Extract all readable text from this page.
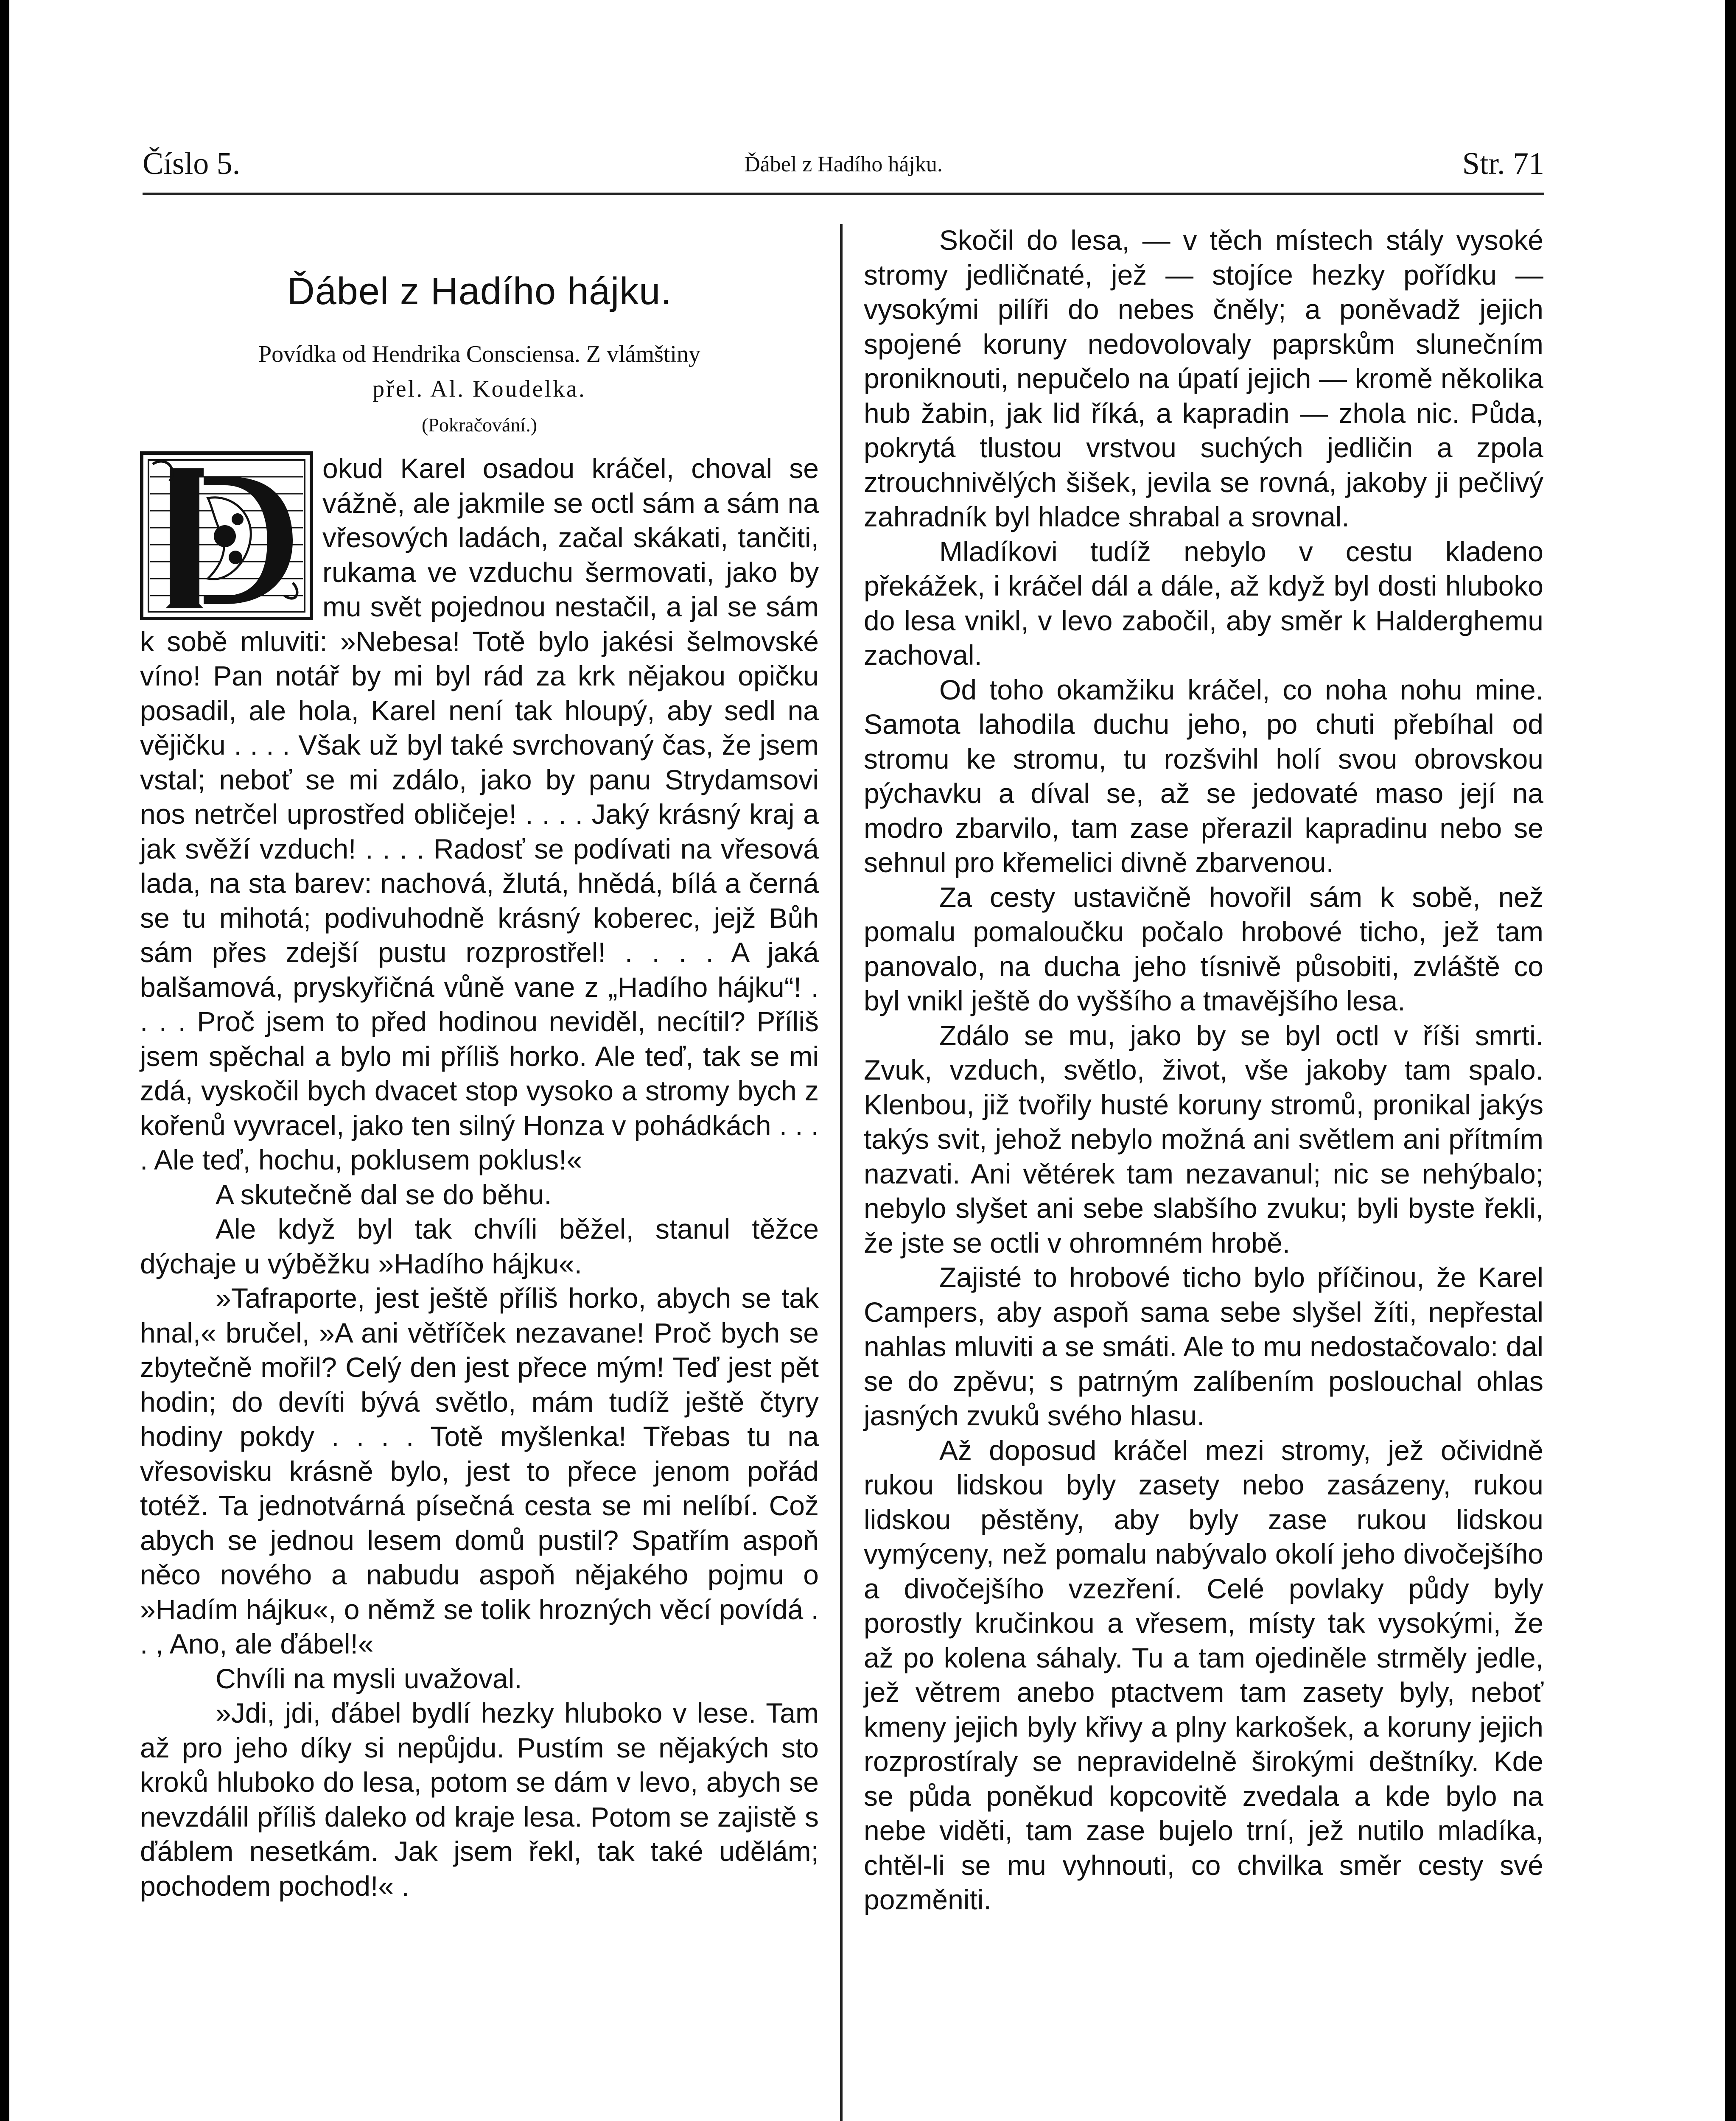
Číslo 5.	Ďábel z Hadího hájku.	Str. 71
Ďábel z Hadího hájku.
Povídka od Hendrika Consciensa. Z vlámštiny
přel. Al. Koudelka.
(Pokračování.)

okud Karel osadou kráčel, choval se vážně, ale jakmile se octl sám a sám na vřesových ladách, začal skákati, tančiti, rukama ve vzduchu šermovati, jako by mu svět pojednou nestačil, a jal se sám k sobě mluviti: »Nebesa! Totě bylo jakési šelmovské víno! Pan notář by mi byl rád za krk nějakou opičku posadil, ale hola, Karel není tak hloupý, aby sedl na vějičku . . . . Však už byl také svrchovaný čas, že jsem vstal; neboť se mi zdálo, jako by panu Strydamsovi nos netrčel uprostřed obličeje! . . . . Jaký krásný kraj a jak svěží vzduch! . . . . Radosť se podívati na vřesová lada, na sta barev: nachová, žlutá, hnědá, bílá a černá se tu mihotá; podivuhodně krásný koberec, jejž Bůh sám přes zdejší pustu rozprostřel! . . . . A jaká balšamová, pryskyřičná vůně vane z „Hadího hájku“! . . . . Proč jsem to před hodinou neviděl, necítil? Příliš jsem spěchal a bylo mi příliš horko. Ale teď, tak se mi zdá, vyskočil bych dvacet stop vysoko a stromy bych z kořenů vyvracel, jako ten silný Honza v pohádkách . . . . Ale teď, hochu, poklusem poklus!«

A skutečně dal se do běhu.

Ale když byl tak chvíli běžel, stanul těžce dýchaje u výběžku »Hadího hájku«.

»Tafraporte, jest ještě příliš horko, abych se tak hnal,« bručel, »A ani větříček nezavane! Proč bych se zbytečně mořil? Celý den jest přece mým! Teď jest pět hodin; do devíti bývá světlo, mám tudíž ještě čtyry hodiny pokdy . . . . Totě myšlenka! Třebas tu na vřesovisku krásně bylo, jest to přece jenom pořád totéž. Ta jednotvárná písečná cesta se mi nelíbí. Což abych se jednou lesem domů pustil? Spatřím aspoň něco nového a nabudu aspoň nějakého pojmu o »Hadím hájku«, o němž se tolik hrozných věcí povídá . . , Ano, ale ďábel!«

Chvíli na mysli uvažoval.

»Jdi, jdi, ďábel bydlí hezky hluboko v lese. Tam až pro jeho díky si nepůjdu. Pustím se nějakých sto kroků hluboko do lesa, potom se dám v levo, abych se nevzdálil příliš daleko od kraje lesa. Potom se zajistě s ďáblem nesetkám. Jak jsem řekl, tak také udělám; pochodem pochod!« .

Skočil do lesa, — v těch místech stály vysoké stromy jedličnaté, jež — stojíce hezky pořídku — vysokými pilíři do nebes čněly; a poněvadž jejich spojené koruny nedovolovaly paprskům slunečním proniknouti, nepučelo na úpatí jejich — kromě několika hub žabin, jak lid říká, a kapradin — zhola nic. Půda, pokrytá tlustou vrstvou suchých jedličin a zpola ztrouchnivělých šišek, jevila se rovná, jakoby ji pečlivý zahradník byl hladce shrabal a srovnal.

Mladíkovi tudíž nebylo v cestu kladeno překážek, i kráčel dál a dále, až když byl dosti hluboko do lesa vnikl, v levo zabočil, aby směr k Halderghemu zachoval.

Od toho okamžiku kráčel, co noha nohu mine. Samota lahodila duchu jeho, po chuti přebíhal od stromu ke stromu, tu rozšvihl holí svou obrovskou pýchavku a díval se, až se jedovaté maso její na modro zbarvilo, tam zase přerazil kapradinu nebo se sehnul pro křemelici divně zbarvenou.

Za cesty ustavičně hovořil sám k sobě, než pomalu pomaloučku počalo hrobové ticho, jež tam panovalo, na ducha jeho tísnivě působiti, zvláště co byl vnikl ještě do vyššího a tmavějšího lesa.

Zdálo se mu, jako by se byl octl v říši smrti. Zvuk, vzduch, světlo, život, vše jakoby tam spalo. Klenbou, již tvořily husté koruny stromů, pronikal jakýs takýs svit, jehož nebylo možná ani světlem ani přítmím nazvati. Ani větérek tam nezavanul; nic se nehýbalo; nebylo slyšet ani sebe slabšího zvuku; byli byste řekli, že jste se octli v ohromném hrobě.

Zajisté to hrobové ticho bylo příčinou, že Karel Campers, aby aspoň sama sebe slyšel žíti, nepřestal nahlas mluviti a se smáti. Ale to mu nedostačovalo: dal se do zpěvu; s patrným zalíbením poslouchal ohlas jasných zvuků svého hlasu.

Až doposud kráčel mezi stromy, jež očividně rukou lidskou byly zasety nebo zasázeny, rukou lidskou pěstěny, aby byly zase rukou lidskou vymýceny, než pomalu nabývalo okolí jeho divočejšího a divočejšího vzezření. Celé povlaky půdy byly porostly kručinkou a vřesem, místy tak vysokými, že až po kolena sáhaly. Tu a tam ojediněle strměly jedle, jež větrem anebo ptactvem tam zasety byly, neboť kmeny jejich byly křivy a plny karkošek, a koruny jejich rozprostíraly se nepravidelně širokými deštníky. Kde se půda poněkud kopcovitě zvedala a kde bylo na nebe viděti, tam zase bujelo trní, jež nutilo mladíka, chtěl-li se mu vyhnouti, co chvilka směr cesty své pozměniti.
